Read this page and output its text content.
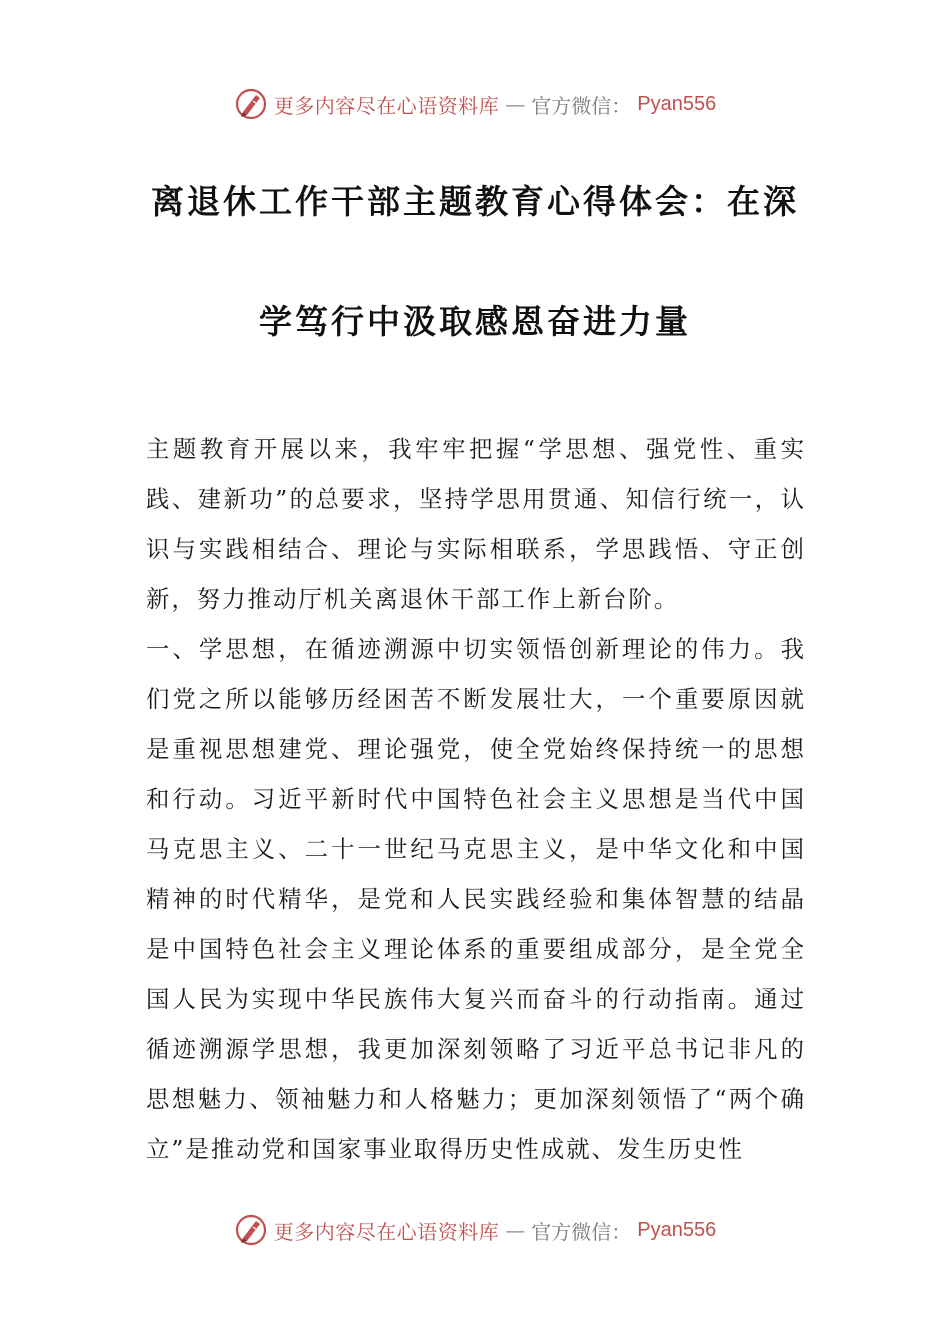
更多内容尽在心语资料库 — 官方微信： Pyan556
离退休工作干部主题教育心得体会：在深
学笃行中汲取感恩奋进力量

主题教育开展以来，我牢牢把握“学思想、强党性、重实践、建新功”的总要求，坚持学思用贯通、知信行统一，认识与实践相结合、理论与实际相联系，学思践悟、守正创新，努力推动厅机关离退休干部工作上新台阶。

一、学思想，在循迹溯源中切实领悟创新理论的伟力。我们党之所以能够历经困苦不断发展壮大，一个重要原因就是重视思想建党、理论强党，使全党始终保持统一的思想和行动。习近平新时代中国特色社会主义思想是当代中国马克思主义、二十一世纪马克思主义，是中华文化和中国精神的时代精华，是党和人民实践经验和集体智慧的结晶是中国特色社会主义理论体系的重要组成部分，是全党全国人民为实现中华民族伟大复兴而奋斗的行动指南。通过循迹溯源学思想，我更加深刻领略了习近平总书记非凡的思想魅力、领袖魅力和人格魅力；更加深刻领悟了“两个确立”是推动党和国家事业取得历史性成就、发生历史性

更多内容尽在心语资料库 — 官方微信： Pyan556
